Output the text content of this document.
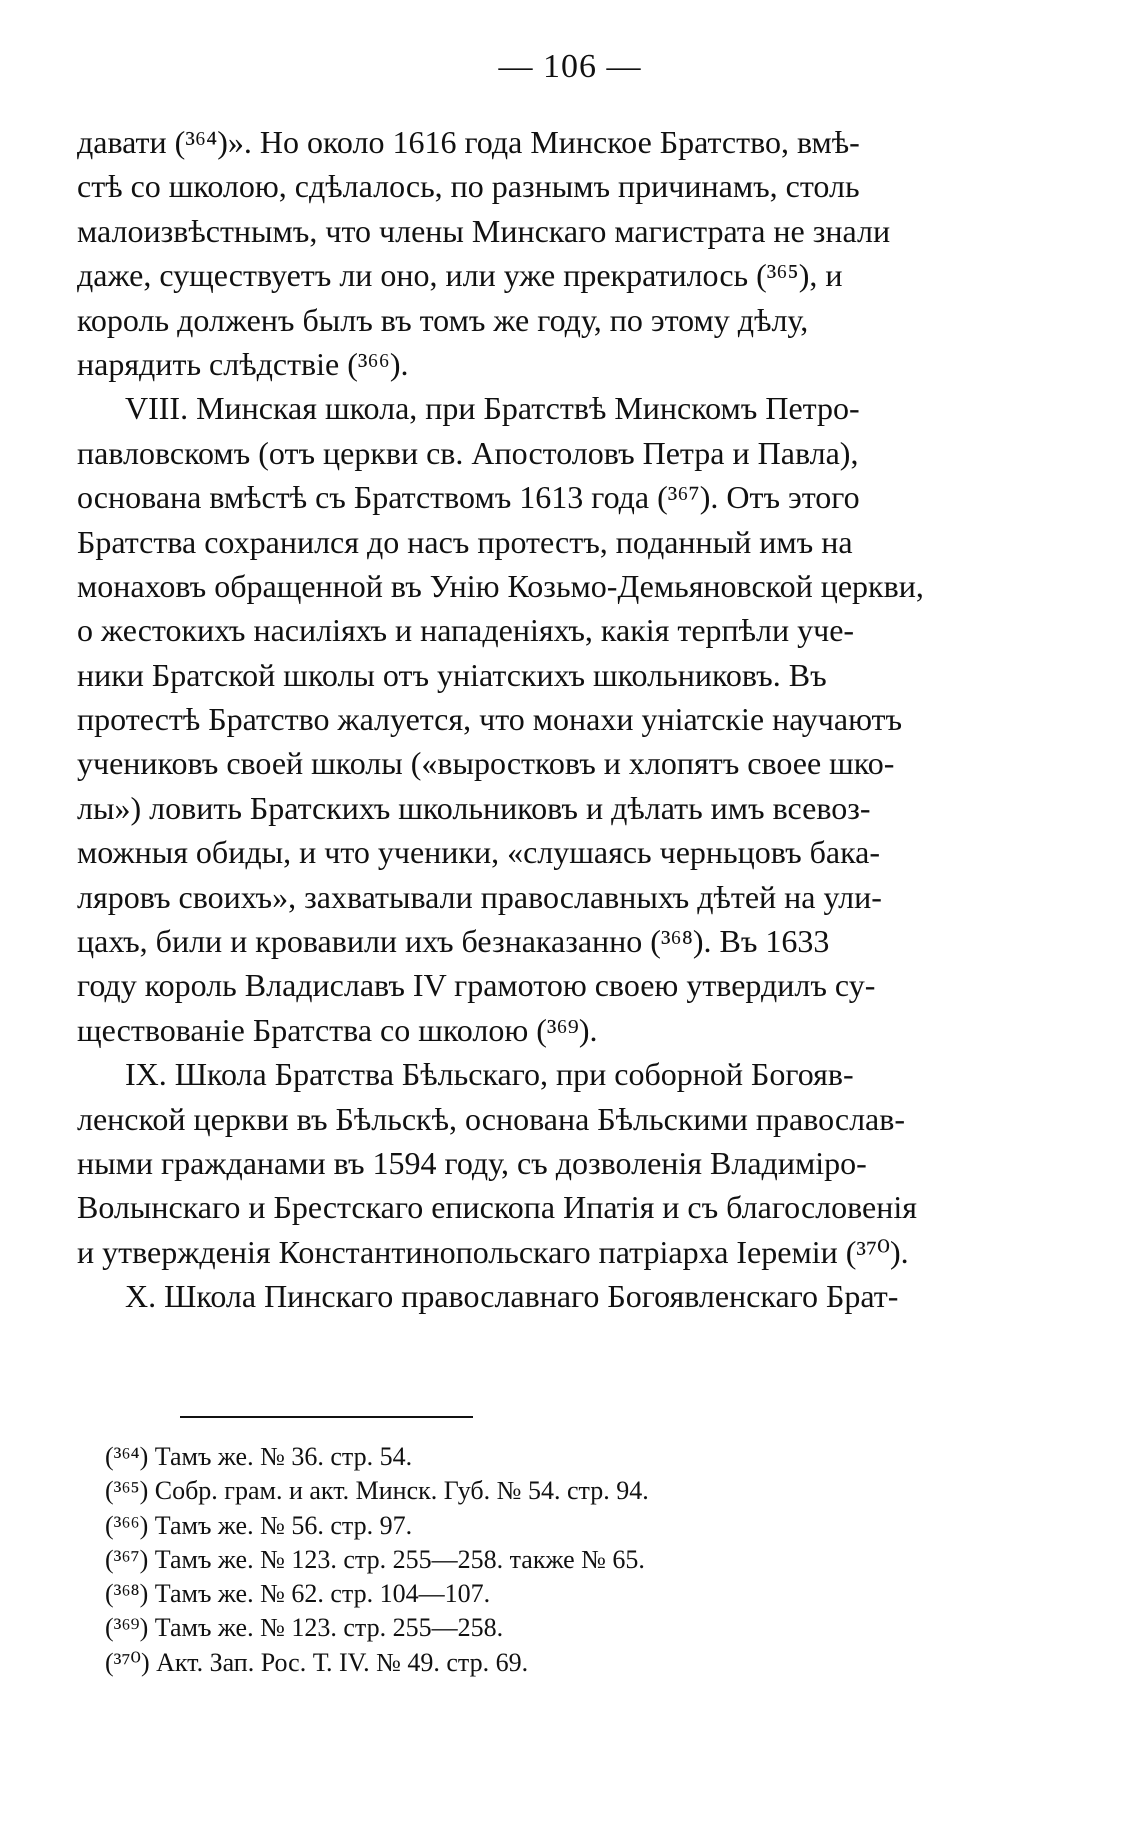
— 106 —
давати (³⁶⁴)». Но около 1616 года Минское Братство, вмѣ-
стѣ со школою, сдѣлалось, по разнымъ причинамъ, столь
малоизвѣстнымъ, что члены Минскаго магистрата не знали
даже, существуетъ ли оно, или уже прекратилось (³⁶⁵), и
король долженъ былъ въ томъ же году, по этому дѣлу,
нарядить слѣдствіе (³⁶⁶).
VIII. Минская школа, при Братствѣ Минскомъ Петро-
павловскомъ (отъ церкви св. Апостоловъ Петра и Павла),
основана вмѣстѣ съ Братствомъ 1613 года (³⁶⁷). Отъ этого
Братства сохранился до насъ протестъ, поданный имъ на
монаховъ обращенной въ Унію Козьмо-Демьяновской церкви,
о жестокихъ насиліяхъ и нападеніяхъ, какія терпѣли уче-
ники Братской школы отъ уніатскихъ школьниковъ. Въ
протестѣ Братство жалуется, что монахи уніатскіе научаютъ
учениковъ своей школы («выростковъ и хлопятъ своее шко-
лы») ловить Братскихъ школьниковъ и дѣлать имъ всевоз-
можныя обиды, и что ученики, «слушаясь черньцовъ бака-
ляровъ своихъ», захватывали православныхъ дѣтей на ули-
цахъ, били и кровавили ихъ безнаказанно (³⁶⁸). Въ 1633
году король Владиславъ IV грамотою своею утвердилъ су-
ществованіе Братства со школою (³⁶⁹).
IX. Школа Братства Бѣльскаго, при соборной Богояв-
ленской церкви въ Бѣльскѣ, основана Бѣльскими православ-
ными гражданами въ 1594 году, съ дозволенія Владиміро-
Волынскаго и Брестскаго епископа Ипатія и съ благословенія
и утвержденія Константинопольскаго патріарха Іереміи (³⁷⁰).
X. Школа Пинскаго православнаго Богоявленскаго Брат-
(³⁶⁴) Тамъ же. № 36. стр. 54.
(³⁶⁵) Собр. грам. и акт. Минск. Губ. № 54. стр. 94.
(³⁶⁶) Тамъ же. № 56. стр. 97.
(³⁶⁷) Тамъ же. № 123. стр. 255—258. также № 65.
(³⁶⁸) Тамъ же. № 62. стр. 104—107.
(³⁶⁹) Тамъ же. № 123. стр. 255—258.
(³⁷⁰) Акт. Зап. Рос. Т. IV. № 49. стр. 69.
